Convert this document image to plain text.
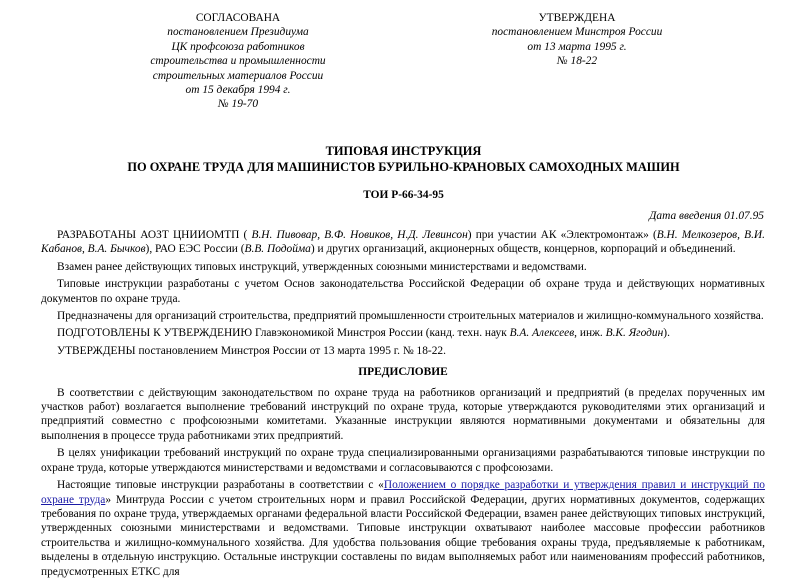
СОГЛАСОВАНА
постановлением Президиума
ЦК профсоюза работников
строительства и промышленности
строительных материалов России
от 15 декабря 1994 г.
№ 19-70
УТВЕРЖДЕНА
постановлением Минстроя России
от 13 марта 1995 г.
№ 18-22
ТИПОВАЯ ИНСТРУКЦИЯ
ПО ОХРАНЕ ТРУДА ДЛЯ МАШИНИСТОВ БУРИЛЬНО-КРАНОВЫХ САМОХОДНЫХ МАШИН
ТОИ Р-66-34-95
Дата введения 01.07.95

РАЗРАБОТАНЫ АОЗТ ЦНИИОМТП ( В.Н. Пивовар, В.Ф. Новиков, Н.Д. Левинсон) при участии АК «Электромонтаж» (В.Н. Мелкозеров, В.И. Кабанов, В.А. Бычков), РАО ЕЭС России (В.В. Подойма) и других организаций, акционерных обществ, концернов, корпораций и объединений.

Взамен ранее действующих типовых инструкций, утвержденных союзными министерствами и ведомствами.

Типовые инструкции разработаны с учетом Основ законодательства Российской Федерации об охране труда и действующих нормативных документов по охране труда.

Предназначены для организаций строительства, предприятий промышленности строительных материалов и жилищно-коммунального хозяйства.

ПОДГОТОВЛЕНЫ К УТВЕРЖДЕНИЮ Главэкономикой Минстроя России (канд. техн. наук В.А. Алексеев, инж. В.К. Ягодин).

УТВЕРЖДЕНЫ постановлением Минстроя России от 13 марта 1995 г. № 18-22.

ПРЕДИСЛОВИЕ

В соответствии с действующим законодательством по охране труда на работников организаций и предприятий (в пределах порученных им участков работ) возлагается выполнение требований инструкций по охране труда, которые утверждаются руководителями этих организаций и предприятий совместно с профсоюзными комитетами. Указанные инструкции являются нормативными документами и обязательны для выполнения в процессе труда работниками этих предприятий.

В целях унификации требований инструкций по охране труда специализированными организациями разрабатываются типовые инструкции по охране труда, которые утверждаются министерствами и ведомствами и согласовываются с профсоюзами.

Настоящие типовые инструкции разработаны в соответствии с «Положением о порядке разработки и утверждения правил и инструкций по охране труда» Минтруда России с учетом строительных норм и правил Российской Федерации, других нормативных документов, содержащих требования по охране труда, утверждаемых органами федеральной власти Российской Федерации, взамен ранее действующих типовых инструкций, утвержденных союзными министерствами и ведомствами. Типовые инструкции охватывают наиболее массовые профессии работников строительства и жилищно-коммунального хозяйства. Для удобства пользования общие требования охраны труда, предъявляемые к работникам, выделены в отдельную инструкцию. Остальные инструкции составлены по видам выполняемых работ или наименованиям профессий работников, предусмотренных ЕТКС для
